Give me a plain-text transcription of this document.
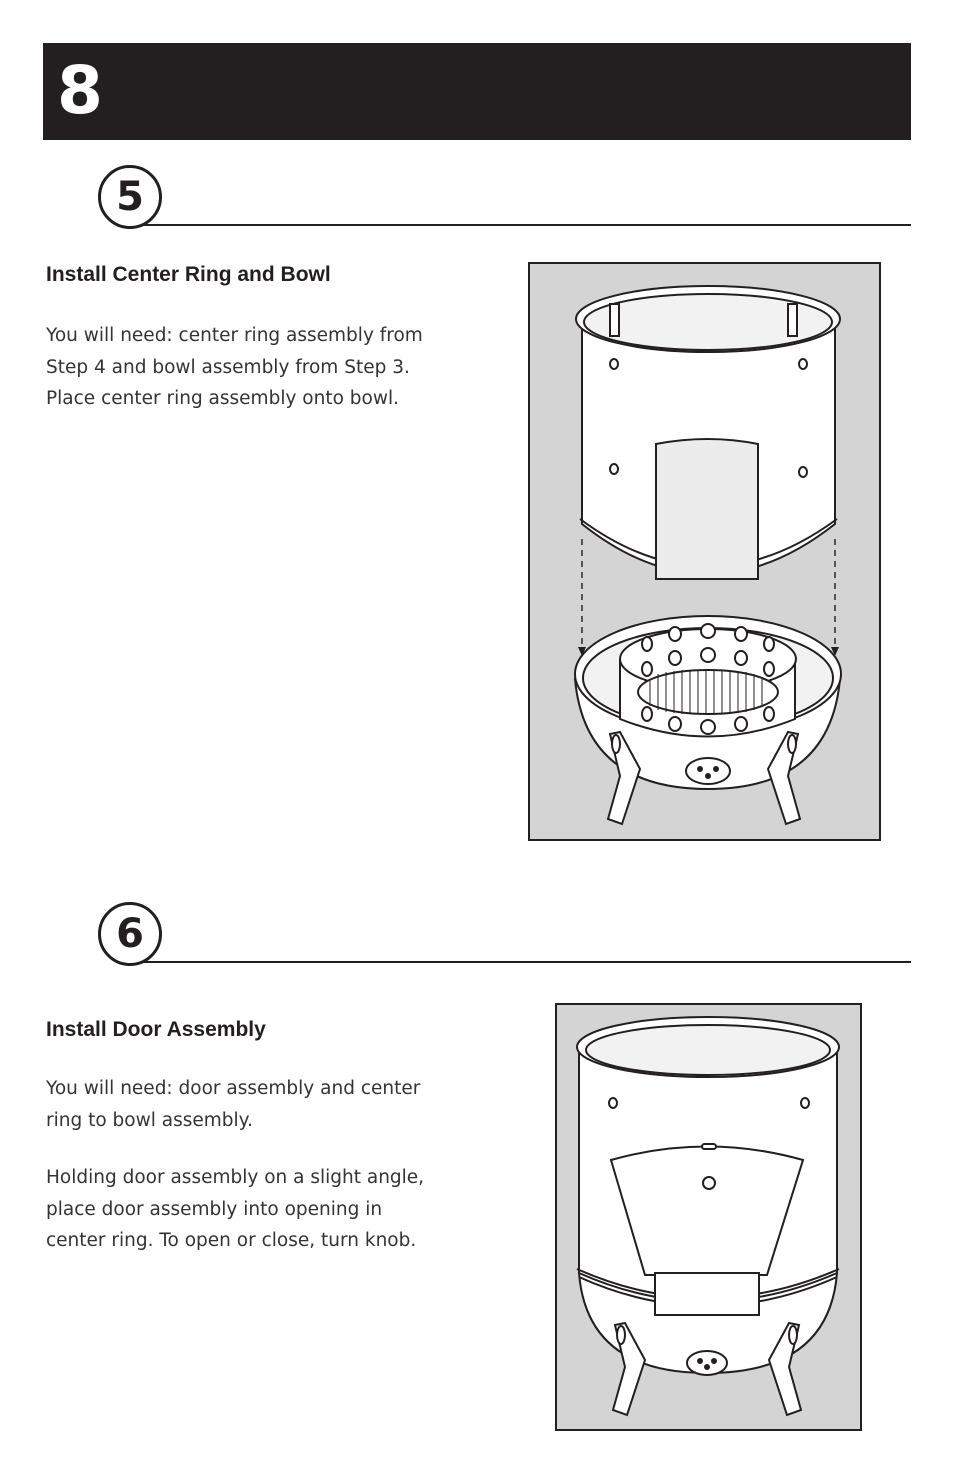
8
5
Install Center Ring and Bowl

You will need: center ring assembly from Step 4 and bowl assembly from Step 3. Place center ring assembly onto bowl.

6
Install Door Assembly

You will need: door assembly and center ring to bowl assembly.

Holding door assembly on a slight angle, place door assembly into opening in center ring. To open or close, turn knob.
